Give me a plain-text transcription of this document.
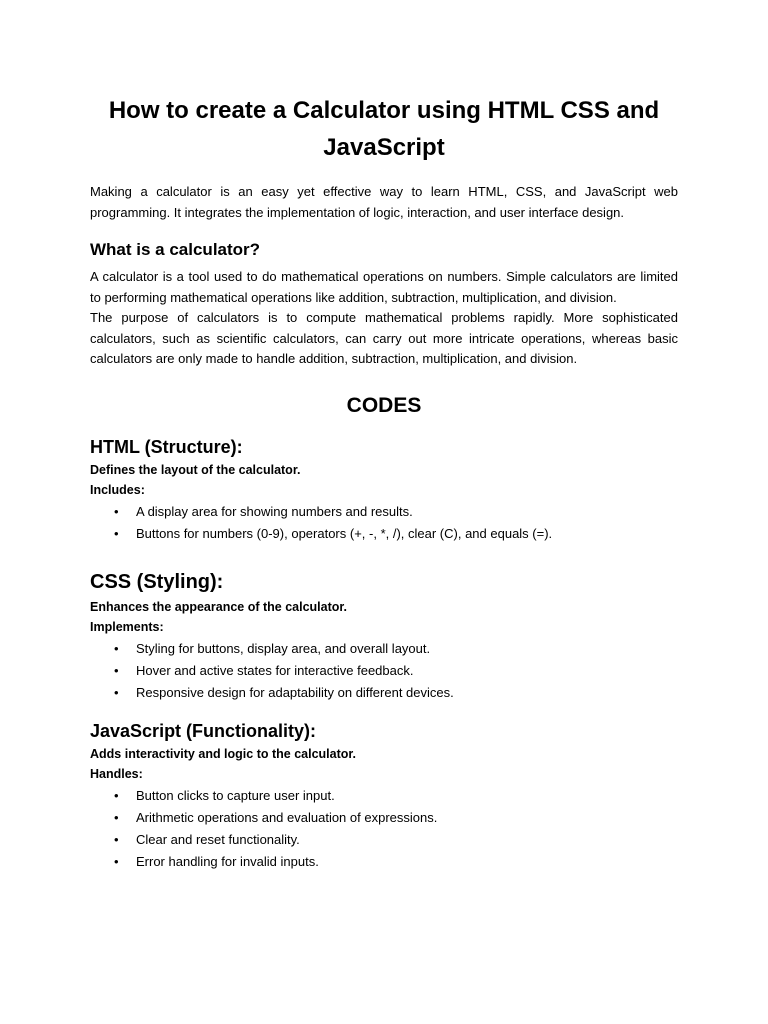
How to create a Calculator using HTML CSS and JavaScript

Making a calculator is an easy yet effective way to learn HTML, CSS, and JavaScript web programming. It integrates the implementation of logic, interaction, and user interface design.

What is a calculator?

A calculator is a tool used to do mathematical operations on numbers. Simple calculators are limited to performing mathematical operations like addition, subtraction, multiplication, and division.

The purpose of calculators is to compute mathematical problems rapidly. More sophisticated calculators, such as scientific calculators, can carry out more intricate operations, whereas basic calculators are only made to handle addition, subtraction, multiplication, and division.

CODES
HTML (Structure):

Defines the layout of the calculator.

Includes:

• A display area for showing numbers and results.
• Buttons for numbers (0-9), operators (+, -, *, /), clear (C), and equals (=).
CSS (Styling):

Enhances the appearance of the calculator.

Implements:

• Styling for buttons, display area, and overall layout.
• Hover and active states for interactive feedback.
• Responsive design for adaptability on different devices.
JavaScript (Functionality):

Adds interactivity and logic to the calculator.

Handles:

• Button clicks to capture user input.
• Arithmetic operations and evaluation of expressions.
• Clear and reset functionality.
• Error handling for invalid inputs.
